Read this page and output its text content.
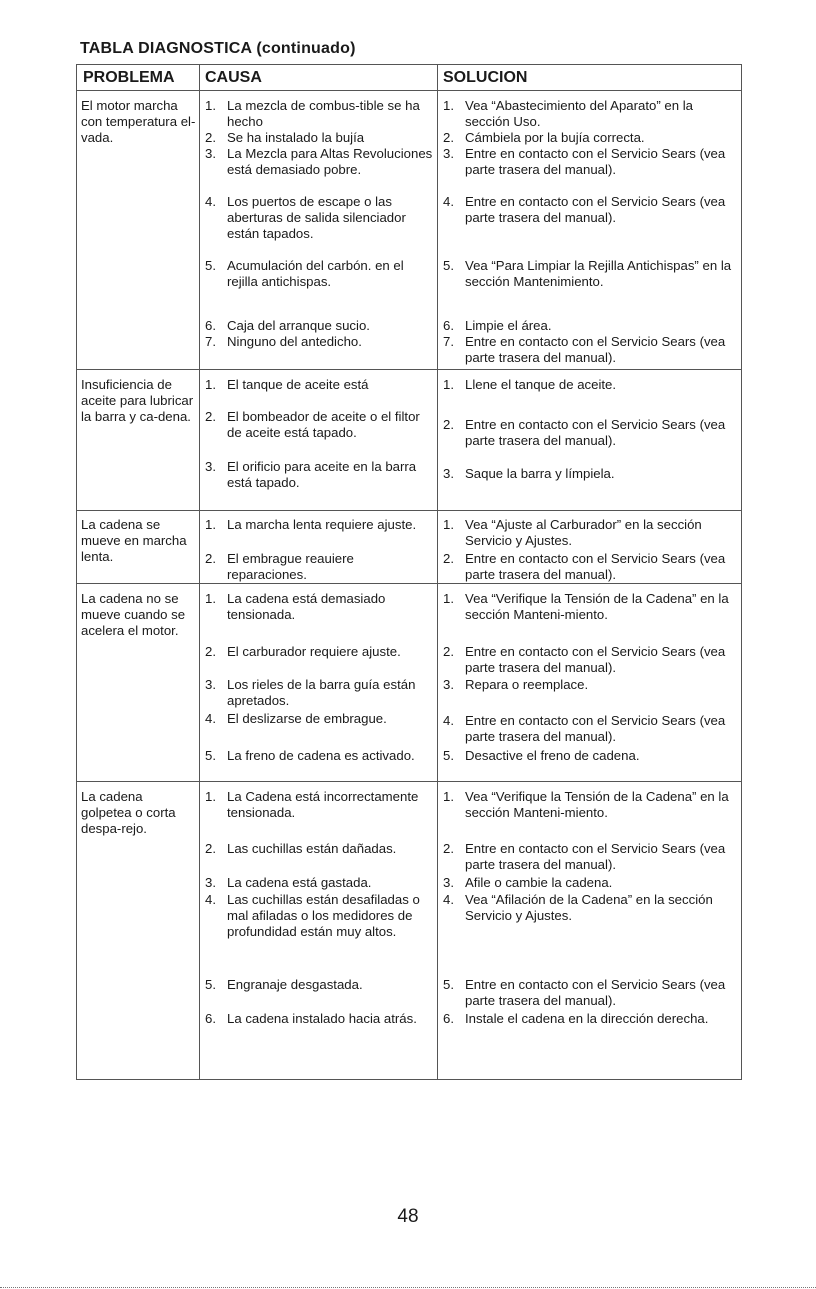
TABLA DIAGNOSTICA (continuado)
PROBLEMA CAUSA	SOLUCION
El motor marcha con temperatura el-vada.
1. La mezcla de combus-tible se ha hecho
2. Se ha instalado la bujía
3. La Mezcla para Altas Revoluciones está demasiado pobre.
4. Los puertos de escape o las aberturas de salida silenciador están tapados.
5. Acumulación del carbón. en el rejilla antichispas.
6. Caja del arranque sucio.
7. Ninguno del antedicho.
1. Vea “Abastecimiento del Aparato” en la sección Uso.
2. Cámbiela por la bujía correcta.
3. Entre en contacto con el Servicio Sears (vea parte trasera del manual).
4. Entre en contacto con el Servicio Sears (vea parte trasera del manual).
5. Vea “Para Limpiar la Rejilla Antichispas” en la sección Mantenimiento.
6. Limpie el área.
7. Entre en contacto con el Servicio Sears (vea parte trasera del manual).
Insuficiencia de aceite para lubricar la barra y ca-dena.
1. El tanque de aceite está
2. El bombeador de aceite o el filtor de aceite está tapado.
3. El orificio para aceite en la barra está tapado.
1. Llene el tanque de aceite.
2. Entre en contacto con el Servicio Sears (vea parte trasera del manual).
3. Saque la barra y límpiela.
La cadena se mueve en marcha lenta.
1. La marcha lenta requiere ajuste.
2. El embrague reauiere reparaciones.
1. Vea “Ajuste al Carburador” en la sección Servicio y Ajustes.
2. Entre en contacto con el Servicio Sears (vea parte trasera del manual).
La cadena no se mueve cuando se acelera el motor.
1. La cadena está demasiado tensionada.
2. El carburador requiere ajuste.
3. Los rieles de la barra guía están apretados.
4. El deslizarse de embrague.
5. La freno de cadena es activado.
1. Vea “Verifique la Tensión de la Cadena” en la sección Manteni-miento.
2. Entre en contacto con el Servicio Sears (vea parte trasera del manual).
3. Repara o reemplace.
4. Entre en contacto con el Servicio Sears (vea parte trasera del manual).
5. Desactive el freno de cadena.
La cadena golpetea o corta despa-rejo.
1. La Cadena está incorrectamente tensionada.
2. Las cuchillas están dañadas.
3. La cadena está gastada.
4. Las cuchillas están desafiladas o mal afiladas o los medidores de profundidad están muy altos.
5. Engranaje desgastada.
6. La cadena instalado hacia atrás.
1. Vea “Verifique la Tensión de la Cadena” en la sección Manteni-miento.
2. Entre en contacto con el Servicio Sears (vea parte trasera del manual).
3. Afile o cambie la cadena.
4. Vea “Afilación de la Cadena” en la sección Servicio y Ajustes.
5. Entre en contacto con el Servicio Sears (vea parte trasera del manual).
6. Instale el cadena en la dirección derecha.
48
